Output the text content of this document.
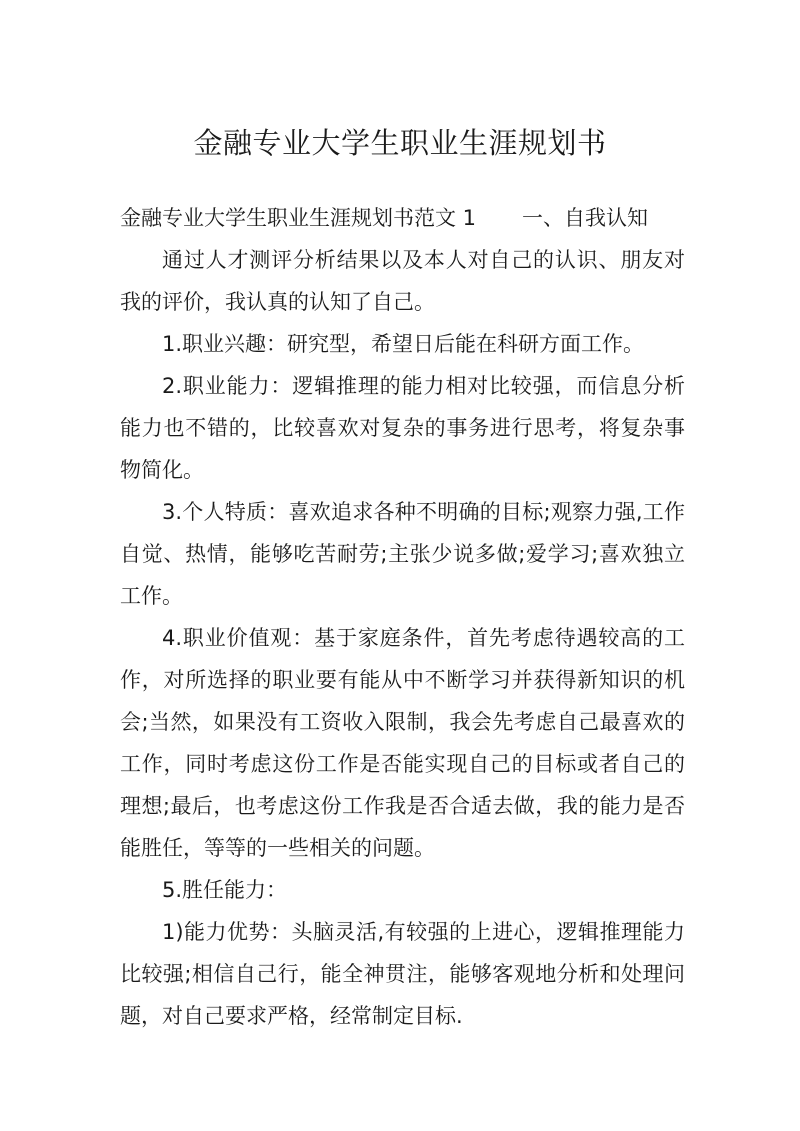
金融专业大学生职业生涯规划书

金融专业大学生职业生涯规划书范文 1 一、自我认知

通过人才测评分析结果以及本人对自己的认识、朋友对我的评价，我认真的认知了自己。

1.职业兴趣：研究型，希望日后能在科研方面工作。

2.职业能力：逻辑推理的能力相对比较强，而信息分析能力也不错的，比较喜欢对复杂的事务进行思考，将复杂事物简化。

3.个人特质：喜欢追求各种不明确的目标;观察力强,工作自觉、热情，能够吃苦耐劳;主张少说多做;爱学习;喜欢独立工作。

4.职业价值观：基于家庭条件，首先考虑待遇较高的工作，对所选择的职业要有能从中不断学习并获得新知识的机会;当然，如果没有工资收入限制，我会先考虑自己最喜欢的工作，同时考虑这份工作是否能实现自己的目标或者自己的理想;最后，也考虑这份工作我是否合适去做，我的能力是否能胜任，等等的一些相关的问题。

5.胜任能力：

1)能力优势：头脑灵活,有较强的上进心，逻辑推理能力比较强;相信自己行，能全神贯注，能够客观地分析和处理问题，对自己要求严格，经常制定目标.
